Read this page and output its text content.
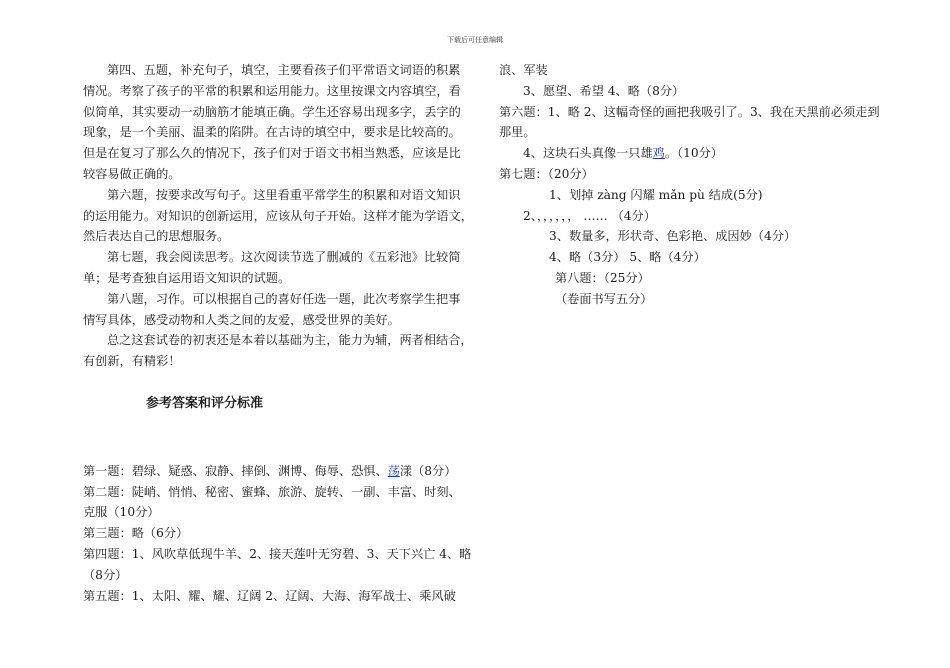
下载后可任意编辑
第四、五题，补充句子，填空，主要看孩子们平常语文词语的积累
情况。考察了孩子的平常的积累和运用能力。这里按课文内容填空，看
似简单，其实要动一动脑筋才能填正确。学生还容易出现多字，丢字的
现象，是一个美丽、温柔的陷阱。在古诗的填空中，要求是比较高的。
但是在复习了那么久的情况下，孩子们对于语文书相当熟悉，应该是比
较容易做正确的。
第六题，按要求改写句子。这里看重平常学生的积累和对语文知识
的运用能力。对知识的创新运用，应该从句子开始。这样才能为学语文，
然后表达自己的思想服务。
第七题，我会阅读思考。这次阅读节选了删减的《五彩池》比较简
单；是考查独自运用语文知识的试题。
第八题，习作。可以根据自己的喜好任选一题，此次考察学生把事
情写具体，感受动物和人类之间的友爱，感受世界的美好。
总之这套试卷的初衷还是本着以基础为主，能力为辅，两者相结合，
有创新，有精彩！
参考答案和评分标准
第一题：碧绿、疑惑、寂静、摔倒、渊博、侮辱、恐惧、荡漾（8分）
第二题：陡峭、悄悄、秘密、蜜蜂、旅游、旋转、一副、丰富、时刻、
克服（10分）
第三题：略（6分）
第四题：1、风吹草低现牛羊、2、接天莲叶无穷碧、3、天下兴亡 4、略
（8分）
第五题：1、太阳、耀、耀、辽阔 2、辽阔、大海、海军战士、乘风破
浪、军装
3、愿望、希望 4、略（8分）
第六题：1、略 2、这幅奇怪的画把我吸引了。3、我在天黑前必须走到
那里。
4、这块石头真像一只雄鸡。（10分）
第七题：（20分）
1、划掉 zàng 闪耀 mǎn pù 结成(5分)
2、，，，，，， …… （4分）
3、数量多，形状奇、色彩艳、成因妙（4分）
4、略（3分） 5、略（4分）
第八题：（25分）
（卷面书写五分）
